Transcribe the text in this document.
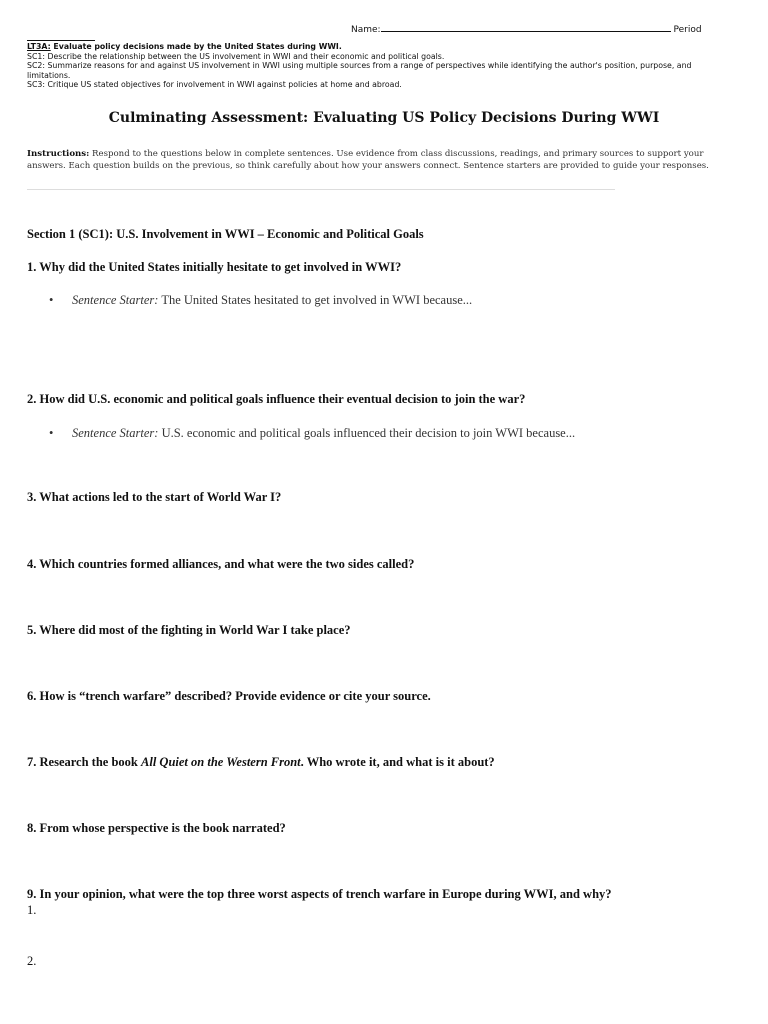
Name:	Period
LT3A: Evaluate policy decisions made by the United States during WWI.
SC1: Describe the relationship between the US involvement in WWI and their economic and political goals.
SC2: Summarize reasons for and against US involvement in WWI using multiple sources from a range of perspectives while identifying the author's position, purpose, and limitations.
SC3: Critique US stated objectives for involvement in WWI against policies at home and abroad.
Culminating Assessment: Evaluating US Policy Decisions During WWI
Instructions: Respond to the questions below in complete sentences. Use evidence from class discussions, readings, and primary sources to support your answers. Each question builds on the previous, so think carefully about how your answers connect. Sentence starters are provided to guide your responses.
Section 1 (SC1): U.S. Involvement in WWI – Economic and Political Goals
1. Why did the United States initially hesitate to get involved in WWI?
• Sentence Starter: The United States hesitated to get involved in WWI because...
2. How did U.S. economic and political goals influence their eventual decision to join the war?
• Sentence Starter: U.S. economic and political goals influenced their decision to join WWI because...
3. What actions led to the start of World War I?
4. Which countries formed alliances, and what were the two sides called?
5. Where did most of the fighting in World War I take place?
6. How is “trench warfare” described? Provide evidence or cite your source.
7. Research the book All Quiet on the Western Front. Who wrote it, and what is it about?
8. From whose perspective is the book narrated?
9. In your opinion, what were the top three worst aspects of trench warfare in Europe during WWI, and why?
1.
2.
